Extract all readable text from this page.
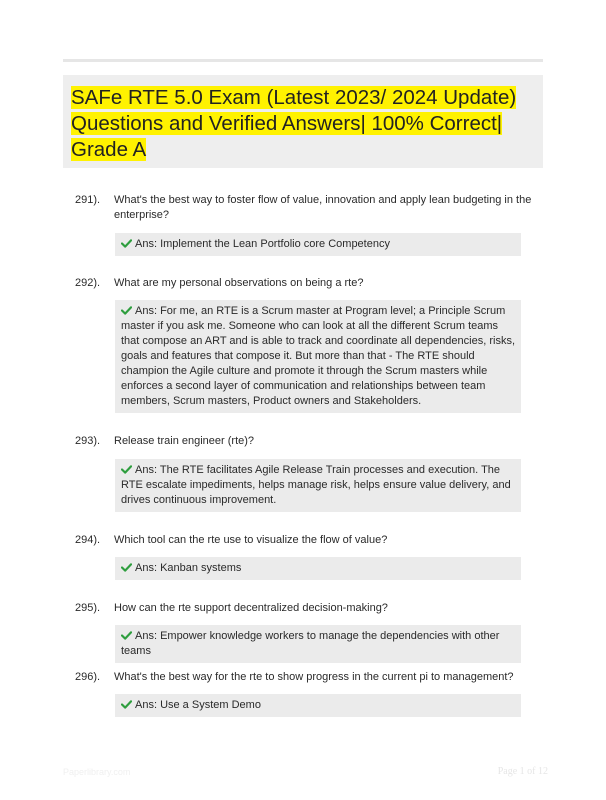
SAFe RTE 5.0 Exam (Latest 2023/ 2024 Update)
Questions and Verified Answers| 100% Correct|
Grade A
291). What's the best way to foster flow of value, innovation and apply lean budgeting in the enterprise?
Ans: Implement the Lean Portfolio core Competency
292). What are my personal observations on being a rte?
Ans: For me, an RTE is a Scrum master at Program level; a Principle Scrum master if you ask me. Someone who can look at all the different Scrum teams that compose an ART and is able to track and coordinate all dependencies, risks, goals and features that compose it. But more than that - The RTE should champion the Agile culture and promote it through the Scrum masters while enforces a second layer of communication and relationships between team members, Scrum masters, Product owners and Stakeholders.
293). Release train engineer (rte)?
Ans: The RTE facilitates Agile Release Train processes and execution. The RTE escalate impediments, helps manage risk, helps ensure value delivery, and drives continuous improvement.
294). Which tool can the rte use to visualize the flow of value?
Ans: Kanban systems
295). How can the rte support decentralized decision-making?
Ans: Empower knowledge workers to manage the dependencies with other teams
296). What's the best way for the rte to show progress in the current pi to management?
Ans: Use a System Demo
Paperlibrary.com	Page 1 of 12
